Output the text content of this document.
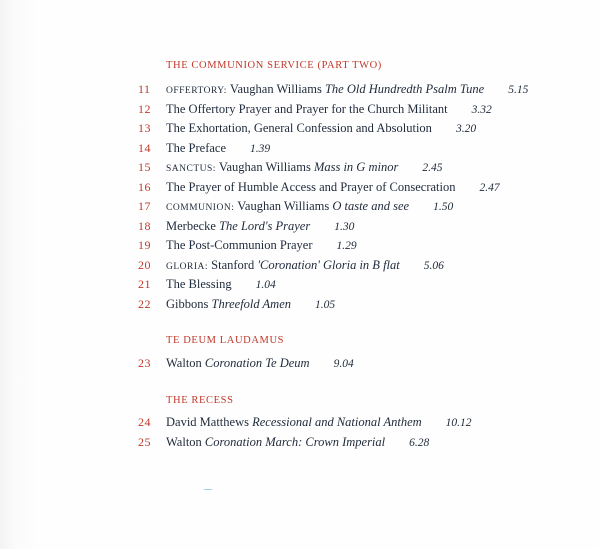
THE COMMUNION SERVICE (PART TWO)
11	OFFERTORY: Vaughan Williams The Old Hundredth Psalm Tune 5.15
12	The Offertory Prayer and Prayer for the Church Militant 3.32
13	The Exhortation, General Confession and Absolution 3.20
14	The Preface 1.39
15	SANCTUS: Vaughan Williams Mass in G minor 2.45
16	The Prayer of Humble Access and Prayer of Consecration 2.47
17	COMMUNION: Vaughan Williams O taste and see 1.50
18	Merbecke The Lord's Prayer 1.30
19	The Post-Communion Prayer 1.29
20	GLORIA: Stanford 'Coronation' Gloria in B flat 5.06
21	The Blessing 1.04
22	Gibbons Threefold Amen 1.05
TE DEUM LAUDAMUS
23	Walton Coronation Te Deum 9.04
THE RECESS
24	David Matthews Recessional and National Anthem 10.12
25	Walton Coronation March: Crown Imperial 6.28
